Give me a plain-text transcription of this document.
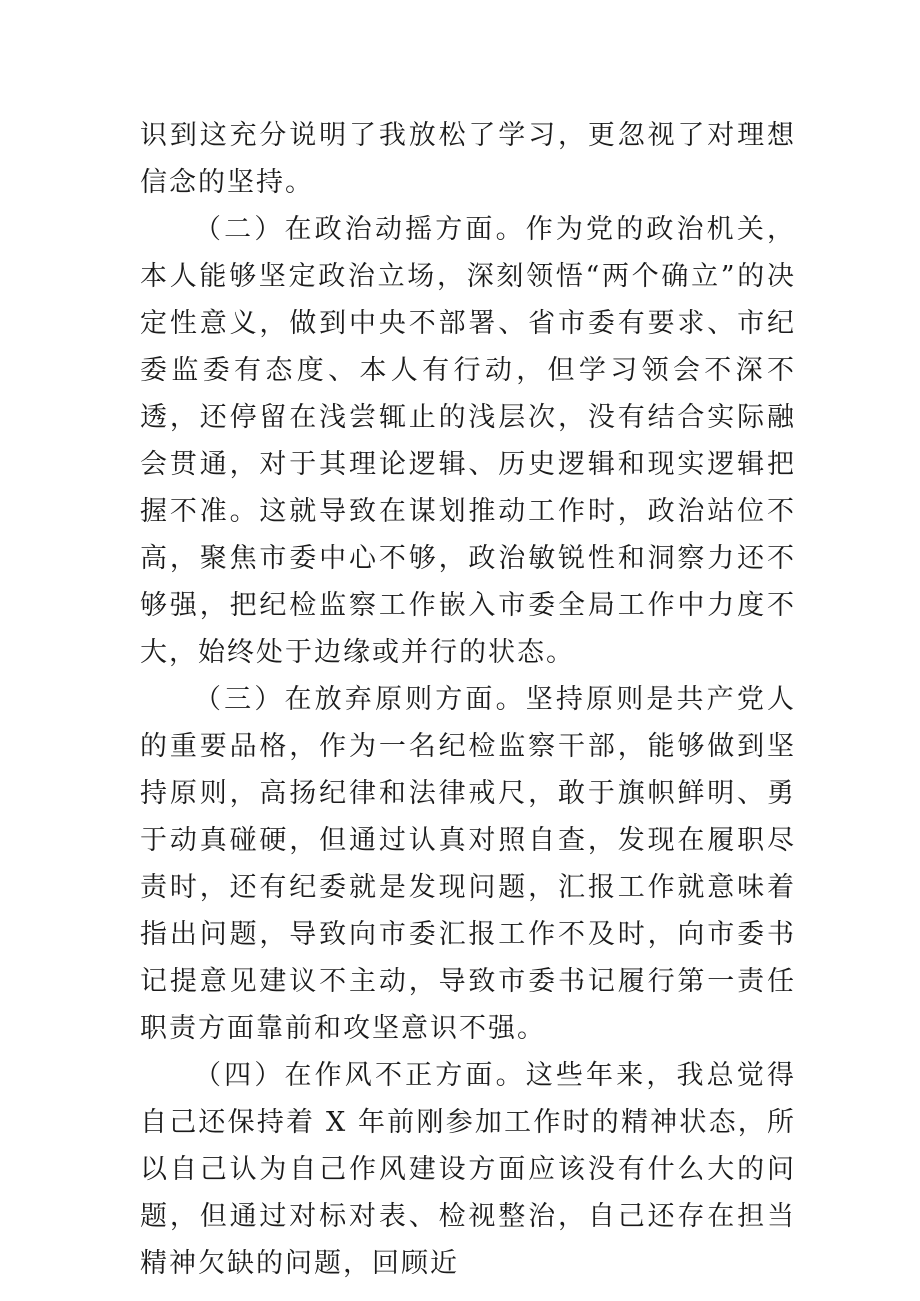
识到这充分说明了我放松了学习，更忽视了对理想信念的坚持。

（二）在政治动摇方面。作为党的政治机关，本人能够坚定政治立场，深刻领悟“两个确立”的决定性意义，做到中央不部署、省市委有要求、市纪委监委有态度、本人有行动，但学习领会不深不透，还停留在浅尝辄止的浅层次，没有结合实际融会贯通，对于其理论逻辑、历史逻辑和现实逻辑把握不准。这就导致在谋划推动工作时，政治站位不高，聚焦市委中心不够，政治敏锐性和洞察力还不够强，把纪检监察工作嵌入市委全局工作中力度不大，始终处于边缘或并行的状态。

（三）在放弃原则方面。坚持原则是共产党人的重要品格，作为一名纪检监察干部，能够做到坚持原则，高扬纪律和法律戒尺，敢于旗帜鲜明、勇于动真碰硬，但通过认真对照自查，发现在履职尽责时，还有纪委就是发现问题，汇报工作就意味着指出问题，导致向市委汇报工作不及时，向市委书记提意见建议不主动，导致市委书记履行第一责任职责方面靠前和攻坚意识不强。

（四）在作风不正方面。这些年来，我总觉得自己还保持着 X 年前刚参加工作时的精神状态，所以自己认为自己作风建设方面应该没有什么大的问题，但通过对标对表、检视整治，自己还存在担当精神欠缺的问题，回顾近
